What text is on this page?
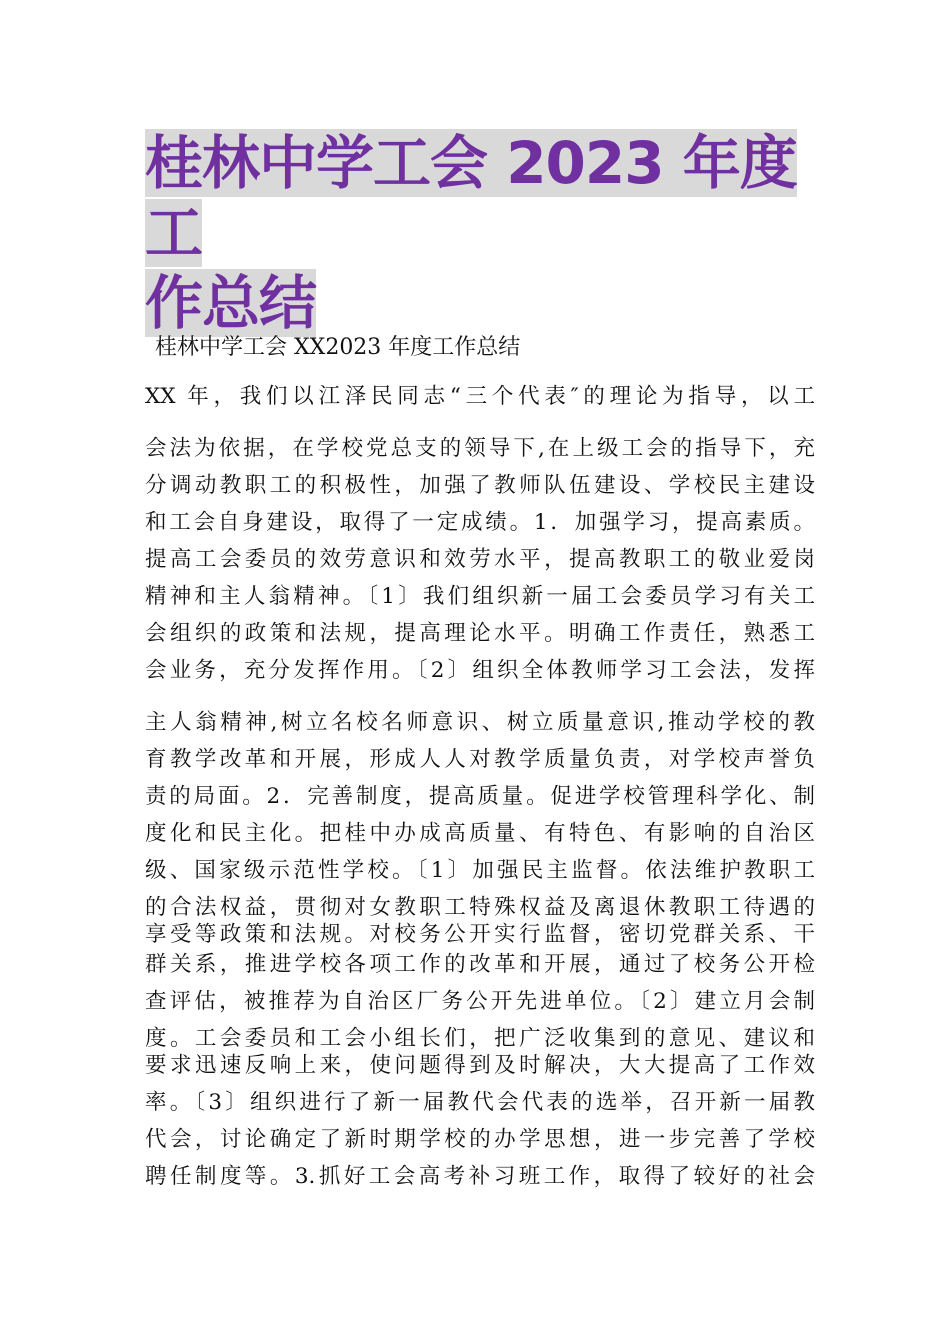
桂林中学工会 2023 年度工
作总结

桂林中学工会 XX2023 年度工作总结

XX 年，我们以江泽民同志“三个代表″的理论为指导，以工

会法为依据，在学校党总支的领导下,在上级工会的指导下，充

分调动教职工的积极性，加强了教师队伍建设、学校民主建设

和工会自身建设，取得了一定成绩。1．加强学习，提高素质。

提高工会委员的效劳意识和效劳水平，提高教职工的敬业爱岗

精神和主人翁精神。〔1〕我们组织新一届工会委员学习有关工

会组织的政策和法规，提高理论水平。明确工作责任，熟悉工

会业务，充分发挥作用。〔2〕组织全体教师学习工会法，发挥

主人翁精神,树立名校名师意识、树立质量意识,推动学校的教

育教学改革和开展，形成人人对教学质量负责，对学校声誉负

责的局面。2．完善制度，提高质量。促进学校管理科学化、制

度化和民主化。把桂中办成高质量、有特色、有影响的自治区

级、国家级示范性学校。〔1〕加强民主监督。依法维护教职工

的合法权益，贯彻对女教职工特殊权益及离退休教职工待遇的

享受等政策和法规。对校务公开实行监督，密切党群关系、干

群关系，推进学校各项工作的改革和开展，通过了校务公开检

查评估，被推荐为自治区厂务公开先进单位。〔2〕建立月会制

度。工会委员和工会小组长们，把广泛收集到的意见、建议和

要求迅速反响上来，使问题得到及时解决，大大提高了工作效

率。〔3〕组织进行了新一届教代会代表的选举，召开新一届教

代会，讨论确定了新时期学校的办学思想，进一步完善了学校

聘任制度等。3.抓好工会高考补习班工作，取得了较好的社会
